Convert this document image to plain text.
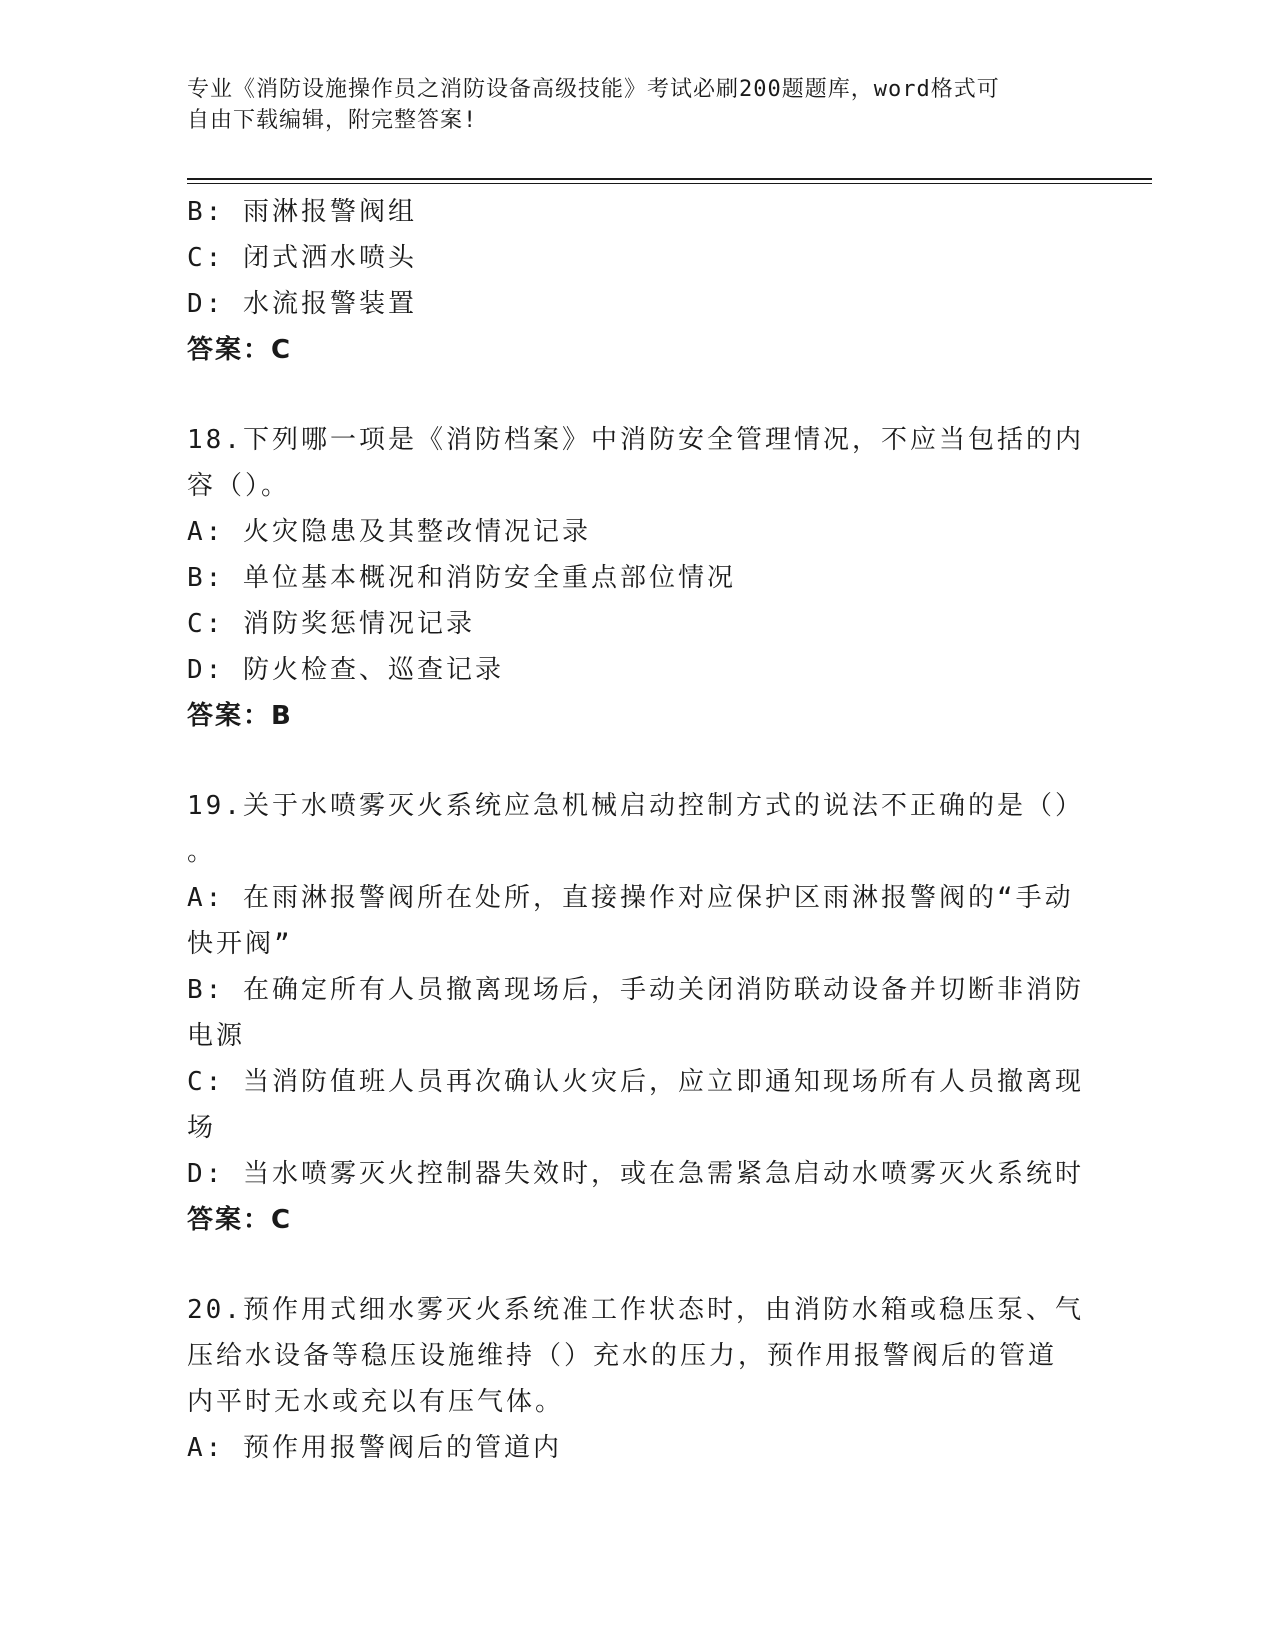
专业《消防设施操作员之消防设备高级技能》考试必刷200题题库，word格式可
自由下载编辑，附完整答案!
B: 雨淋报警阀组
C: 闭式洒水喷头
D: 水流报警装置
答案：C
18.下列哪一项是《消防档案》中消防安全管理情况，不应当包括的内
容（）。
A: 火灾隐患及其整改情况记录
B: 单位基本概况和消防安全重点部位情况
C: 消防奖惩情况记录
D: 防火检查、巡查记录
答案：B
19.关于水喷雾灭火系统应急机械启动控制方式的说法不正确的是（）
。
A: 在雨淋报警阀所在处所，直接操作对应保护区雨淋报警阀的“手动
快开阀”
B: 在确定所有人员撤离现场后，手动关闭消防联动设备并切断非消防
电源
C: 当消防值班人员再次确认火灾后，应立即通知现场所有人员撤离现
场
D: 当水喷雾灭火控制器失效时，或在急需紧急启动水喷雾灭火系统时
答案：C
20.预作用式细水雾灭火系统准工作状态时，由消防水箱或稳压泵、气
压给水设备等稳压设施维持（）充水的压力，预作用报警阀后的管道
内平时无水或充以有压气体。
A: 预作用报警阀后的管道内
